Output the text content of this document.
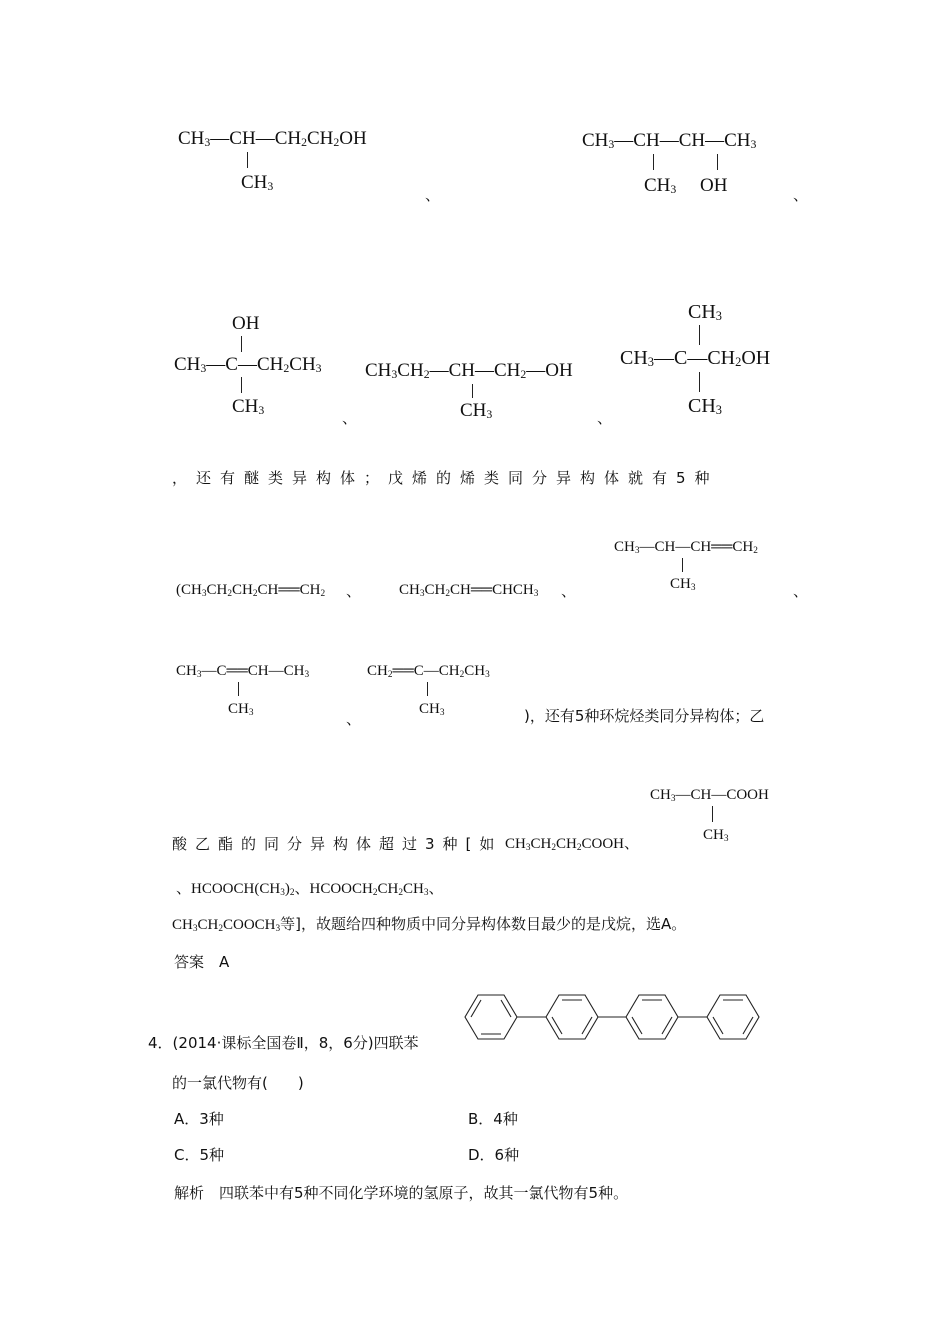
$CH_3—CH—CH_2CH_2OH$
$CH_3$	、
$CH_3—CH—CH—CH_3$
$CH_3$ OH	、
OH
$CH_3—C—CH_2CH_3$
$CH_3$	、
$CH_3CH_2—CH—CH_2—OH$
$CH_3$	、
$CH_3$
$CH_3—C—CH_2OH$
$CH_3$
，还有醚类异构体；戊烯的烯类同分异构体就有5种
($CH_3CH_2CH_2CH══CH_2$ 、	$CH_3CH_2CH══CHCH_3$ 、
$CH_3—CH—CH══CH_2$
$CH_3$	、
$CH_3—C══CH—CH_3$
$CH_3$	、
$CH_2══C—CH_2CH_3$
$CH_3$	)，还有5种环烷烃类同分异构体；乙
$CH_3—CH—COOH$
$CH_3$
酸乙酯的同分异构体超过3种[如 $CH_3CH_2CH_2COOH$、
、$HCOOCH(CH_3)_2$、$HCOOCH_2CH_2CH_3$、
$CH_3CH_2COOCH_3$等]，故题给四种物质中同分异构体数目最少的是戊烷，选A。
答案　A
4．(2014·课标全国卷Ⅱ，8，6分)四联苯
的一氯代物有(　　)
A．3种	B．4种
C．5种	D．6种
解析　四联苯中有5种不同化学环境的氢原子，故其一氯代物有5种。
